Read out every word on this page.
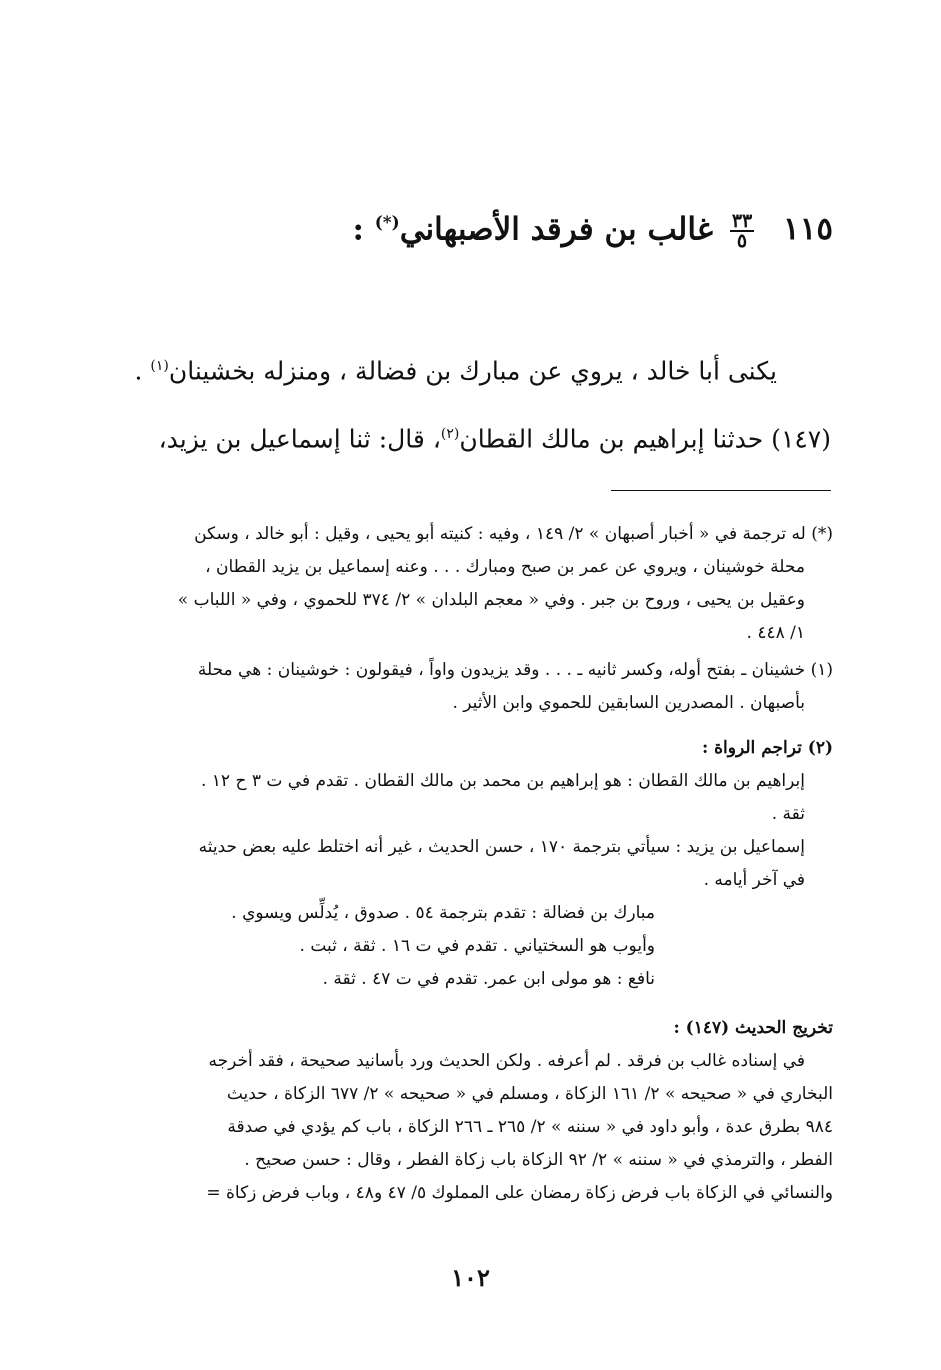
١١٥
$\frac{٣٣}{٥}$
غالب بن فرقد الأصبهاني(*) :
يكنى أبا خالد ، يروي عن مبارك بن فضالة ، ومنزله بخشينان$^{(١)}$ .
(١٤٧) حدثنا إبراهيم بن مالك القطان$^{(٢)}$، قال: ثنا إسماعيل بن يزيد،
(*) له ترجمة في « أخبار أصبهان » ٢/ ١٤٩ ، وفيه : كنيته أبو يحيى ، وقيل : أبو خالد ، وسكن
محلة خوشينان ، ويروي عن عمر بن صبح ومبارك . . . وعنه إسماعيل بن يزيد القطان ،
وعقيل بن يحيى ، وروح بن جبر . وفي « معجم البلدان » ٢/ ٣٧٤ للحموي ، وفي « اللباب »
١/ ٤٤٨ .
(١) خشينان ـ بفتح أوله، وكسر ثانيه ـ . . . وقد يزيدون واواً ، فيقولون : خوشينان : هي محلة
بأصبهان . المصدرين السابقين للحموي وابن الأثير .
(٢) تراجم الرواة :
إبراهيم بن مالك القطان : هو إبراهيم بن محمد بن مالك القطان . تقدم في ت ٣ ح ١٢ .
ثقة .
إسماعيل بن يزيد : سيأتي بترجمة ١٧٠ ، حسن الحديث ، غير أنه اختلط عليه بعض حديثه
في آخر أيامه .
مبارك بن فضالة : تقدم بترجمة ٥٤ . صدوق ، يُدلِّس ويسوي .
وأيوب هو السختياني . تقدم في ت ١٦ . ثقة ، ثبت .
نافع : هو مولى ابن عمر. تقدم في ت ٤٧ . ثقة .
تخريج الحديث (١٤٧) :
في إسناده غالب بن فرقد . لم أعرفه . ولكن الحديث ورد بأسانيد صحيحة ، فقد أخرجه
البخاري في « صحيحه » ٢/ ١٦١ الزكاة ، ومسلم في « صحيحه » ٢/ ٦٧٧ الزكاة ، حديث
٩٨٤ بطرق عدة ، وأبو داود في « سننه » ٢/ ٢٦٥ ـ ٢٦٦ الزكاة ، باب كم يؤدي في صدقة
الفطر ، والترمذي في « سننه » ٢/ ٩٢ الزكاة باب زكاة الفطر ، وقال : حسن صحيح .
والنسائي في الزكاة باب فرض زكاة رمضان على المملوك ٥/ ٤٧ و٤٨ ، وباب فرض زكاة =
١٠٢
